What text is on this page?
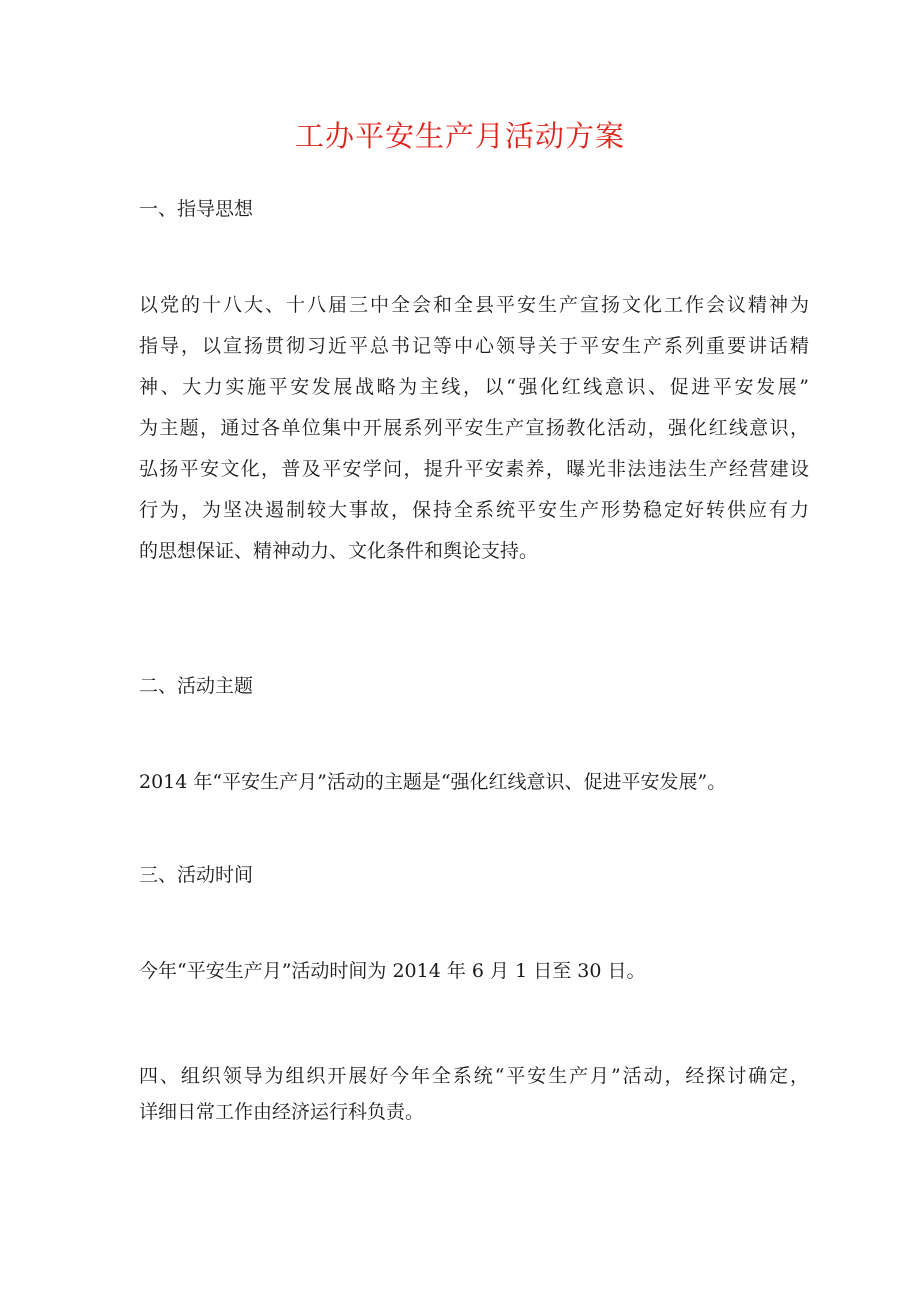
工办平安生产月活动方案
一、指导思想
以党的十八大、十八届三中全会和全县平安生产宣扬文化工作会议精神为
指导，以宣扬贯彻习近平总书记等中心领导关于平安生产系列重要讲话精
神、大力实施平安发展战略为主线，以“强化红线意识、促进平安发展”
为主题，通过各单位集中开展系列平安生产宣扬教化活动，强化红线意识，
弘扬平安文化，普及平安学问，提升平安素养，曝光非法违法生产经营建设
行为，为坚决遏制较大事故，保持全系统平安生产形势稳定好转供应有力
的思想保证、精神动力、文化条件和舆论支持。
二、活动主题
2014 年“平安生产月”活动的主题是“强化红线意识、促进平安发展”。
三、活动时间
今年“平安生产月”活动时间为 2014 年 6 月 1 日至 30 日。
四、组织领导为组织开展好今年全系统“平安生产月”活动，经探讨确定，
详细日常工作由经济运行科负责。
